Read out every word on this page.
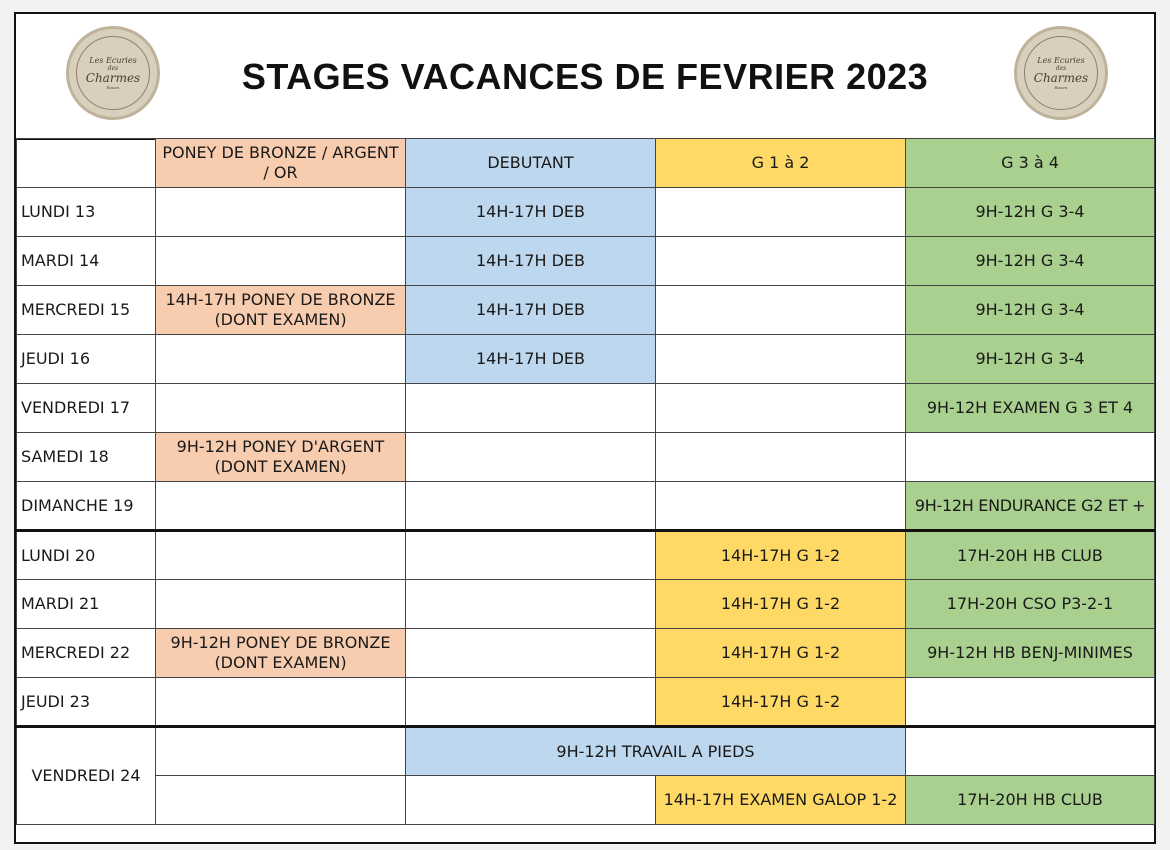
Les Ecuries
des
Charmes
Rouen	STAGES VACANCES DE FEVRIER 2023	Les Ecuries
des
Charmes
Rouen
	PONEY DE BRONZE / ARGENT / OR	DEBUTANT	G 1 à 2	G 3 à 4
LUNDI 13		14H-17H DEB		9H-12H G 3-4
MARDI 14		14H-17H DEB		9H-12H G 3-4
MERCREDI 15	14H-17H PONEY DE BRONZE (DONT EXAMEN)	14H-17H DEB		9H-12H G 3-4
JEUDI 16		14H-17H DEB		9H-12H G 3-4
VENDREDI 17				9H-12H EXAMEN G 3 ET 4
SAMEDI 18	9H-12H PONEY D'ARGENT (DONT EXAMEN)			
DIMANCHE 19				9H-12H ENDURANCE G2 ET +
LUNDI 20			14H-17H G 1-2	17H-20H HB CLUB
MARDI 21			14H-17H G 1-2	17H-20H CSO P3-2-1
MERCREDI 22	9H-12H PONEY DE BRONZE (DONT EXAMEN)		14H-17H G 1-2	9H-12H HB BENJ-MINIMES
JEUDI 23			14H-17H G 1-2	
VENDREDI 24		9H-12H TRAVAIL A PIEDS		
			14H-17H EXAMEN GALOP 1-2	17H-20H HB CLUB
